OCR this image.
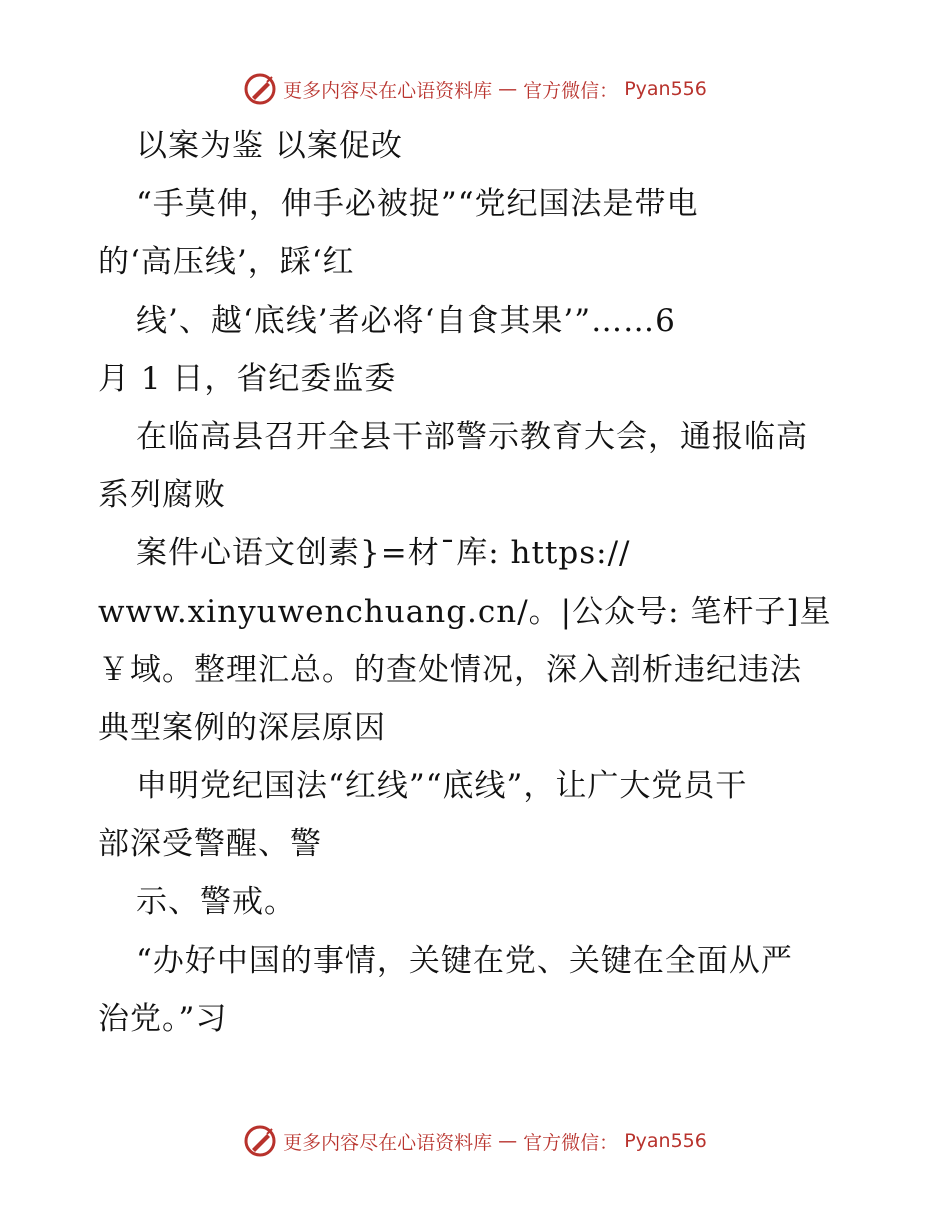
更多内容尽在心语资料库 — 官方微信： Pyan556
以案为鉴 以案促改
“手莫伸，伸手必被捉”“党纪国法是带电
的‘高压线’，踩‘红
线’、越‘底线’者必将‘自食其果’”……6
月 1 日，省纪委监委
在临高县召开全县干部警示教育大会，通报临高
系列腐败
案件心语文创素}=材¯库: https://
www.xinyuwenchuang.cn/。|公众号: 笔杆子]星
￥域。整理汇总。的查处情况，深入剖析违纪违法
典型案例的深层原因
申明党纪国法“红线”“底线”，让广大党员干
部深受警醒、警
示、警戒。
“办好中国的事情，关键在党、关键在全面从严
治党。”习
更多内容尽在心语资料库 — 官方微信： Pyan556
